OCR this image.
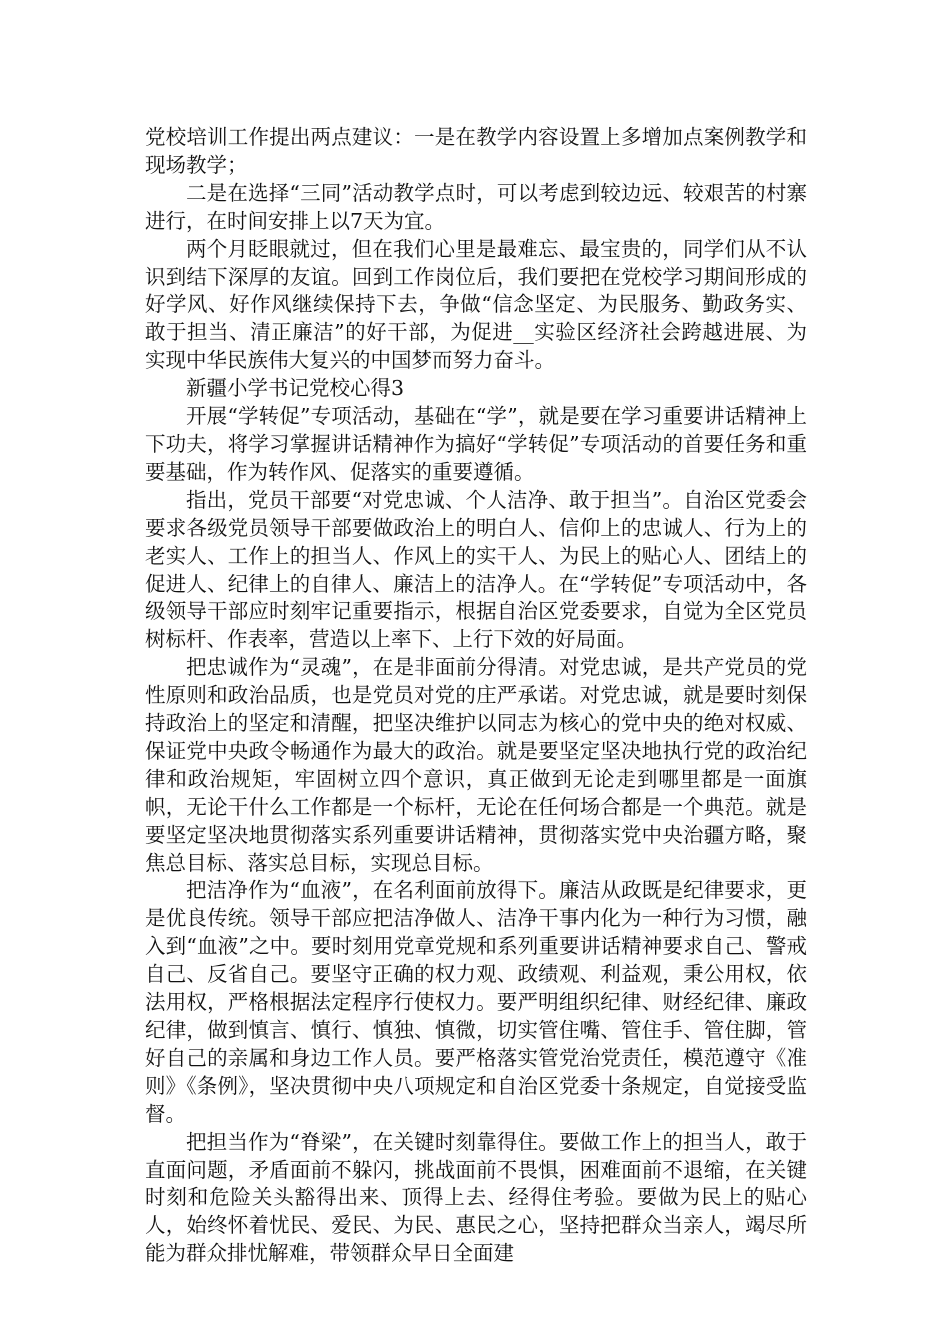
党校培训工作提出两点建议：一是在教学内容设置上多增加点案例教学和现场教学；

二是在选择“三同”活动教学点时，可以考虑到较边远、较艰苦的村寨进行，在时间安排上以7天为宜。

两个月眨眼就过，但在我们心里是最难忘、最宝贵的，同学们从不认识到结下深厚的友谊。回到工作岗位后，我们要把在党校学习期间形成的好学风、好作风继续保持下去，争做“信念坚定、为民服务、勤政务实、敢于担当、清正廉洁”的好干部，为促进__实验区经济社会跨越进展、为实现中华民族伟大复兴的中国梦而努力奋斗。

新疆小学书记党校心得3

开展“学转促”专项活动，基础在“学”，就是要在学习重要讲话精神上下功夫，将学习掌握讲话精神作为搞好“学转促”专项活动的首要任务和重要基础，作为转作风、促落实的重要遵循。

指出，党员干部要“对党忠诚、个人洁净、敢于担当”。自治区党委会要求各级党员领导干部要做政治上的明白人、信仰上的忠诚人、行为上的老实人、工作上的担当人、作风上的实干人、为民上的贴心人、团结上的促进人、纪律上的自律人、廉洁上的洁净人。在“学转促”专项活动中，各级领导干部应时刻牢记重要指示，根据自治区党委要求，自觉为全区党员树标杆、作表率，营造以上率下、上行下效的好局面。

把忠诚作为“灵魂”，在是非面前分得清。对党忠诚，是共产党员的党性原则和政治品质，也是党员对党的庄严承诺。对党忠诚，就是要时刻保持政治上的坚定和清醒，把坚决维护以同志为核心的党中央的绝对权威、保证党中央政令畅通作为最大的政治。就是要坚定坚决地执行党的政治纪律和政治规矩，牢固树立四个意识，真正做到无论走到哪里都是一面旗帜，无论干什么工作都是一个标杆，无论在任何场合都是一个典范。就是要坚定坚决地贯彻落实系列重要讲话精神，贯彻落实党中央治疆方略，聚焦总目标、落实总目标，实现总目标。

把洁净作为“血液”，在名利面前放得下。廉洁从政既是纪律要求，更是优良传统。领导干部应把洁净做人、洁净干事内化为一种行为习惯，融入到“血液”之中。要时刻用党章党规和系列重要讲话精神要求自己、警戒自己、反省自己。要坚守正确的权力观、政绩观、利益观，秉公用权，依法用权，严格根据法定程序行使权力。要严明组织纪律、财经纪律、廉政纪律，做到慎言、慎行、慎独、慎微，切实管住嘴、管住手、管住脚，管好自己的亲属和身边工作人员。要严格落实管党治党责任，模范遵守《准则》《条例》，坚决贯彻中央八项规定和自治区党委十条规定，自觉接受监督。

把担当作为“脊梁”，在关键时刻靠得住。要做工作上的担当人，敢于直面问题，矛盾面前不躲闪，挑战面前不畏惧，困难面前不退缩，在关键时刻和危险关头豁得出来、顶得上去、经得住考验。要做为民上的贴心人，始终怀着忧民、爱民、为民、惠民之心，坚持把群众当亲人，竭尽所能为群众排忧解难，带领群众早日全面建
